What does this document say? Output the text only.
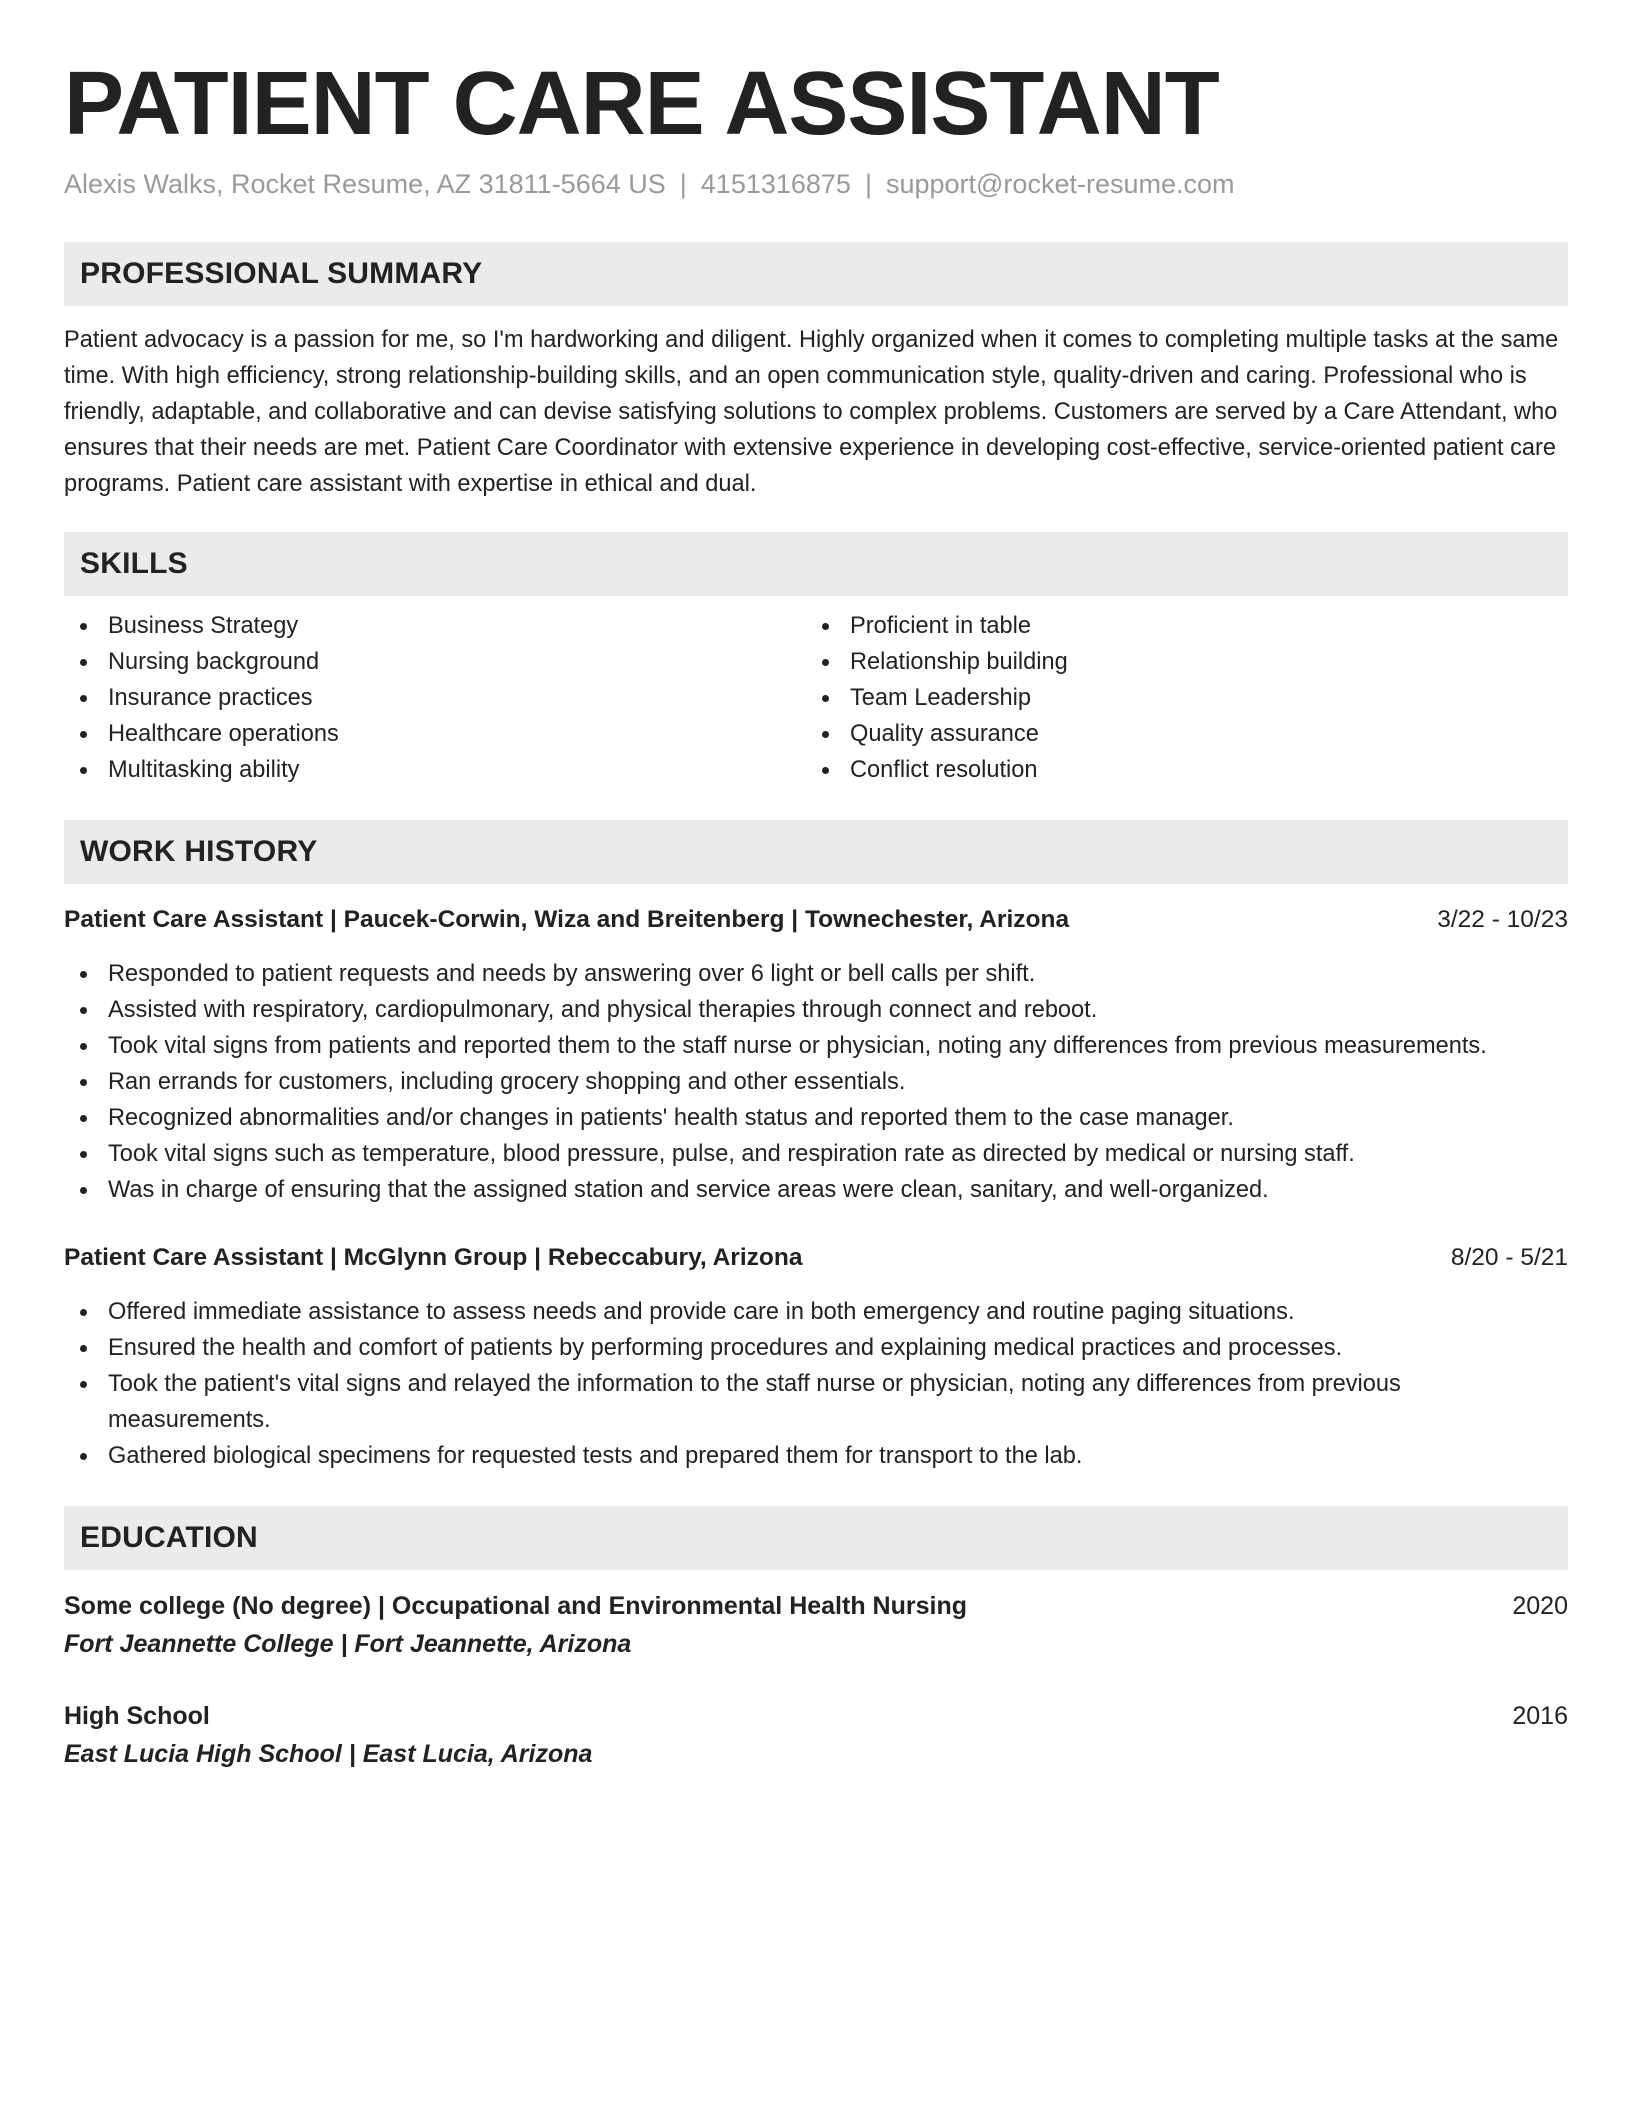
PATIENT CARE ASSISTANT
Alexis Walks, Rocket Resume, AZ 31811-5664 US | 4151316875 | support@rocket-resume.com
PROFESSIONAL SUMMARY

Patient advocacy is a passion for me, so I'm hardworking and diligent. Highly organized when it comes to completing multiple tasks at the same time. With high efficiency, strong relationship-building skills, and an open communication style, quality-driven and caring. Professional who is friendly, adaptable, and collaborative and can devise satisfying solutions to complex problems. Customers are served by a Care Attendant, who ensures that their needs are met. Patient Care Coordinator with extensive experience in developing cost-effective, service-oriented patient care programs. Patient care assistant with expertise in ethical and dual.

SKILLS
Business Strategy
Nursing background
Insurance practices
Healthcare operations
Multitasking ability
Proficient in table
Relationship building
Team Leadership
Quality assurance
Conflict resolution
WORK HISTORY
Patient Care Assistant | Paucek-Corwin, Wiza and Breitenberg | Townechester, Arizona	3/22 - 10/23
Responded to patient requests and needs by answering over 6 light or bell calls per shift.
Assisted with respiratory, cardiopulmonary, and physical therapies through connect and reboot.
Took vital signs from patients and reported them to the staff nurse or physician, noting any differences from previous measurements.
Ran errands for customers, including grocery shopping and other essentials.
Recognized abnormalities and/or changes in patients' health status and reported them to the case manager.
Took vital signs such as temperature, blood pressure, pulse, and respiration rate as directed by medical or nursing staff.
Was in charge of ensuring that the assigned station and service areas were clean, sanitary, and well-organized.
Patient Care Assistant | McGlynn Group | Rebeccabury, Arizona	8/20 - 5/21
Offered immediate assistance to assess needs and provide care in both emergency and routine paging situations.
Ensured the health and comfort of patients by performing procedures and explaining medical practices and processes.
Took the patient's vital signs and relayed the information to the staff nurse or physician, noting any differences from previous measurements.
Gathered biological specimens for requested tests and prepared them for transport to the lab.
EDUCATION
Some college (No degree) | Occupational and Environmental Health Nursing	2020
Fort Jeannette College | Fort Jeannette, Arizona
High School	2016
East Lucia High School | East Lucia, Arizona
